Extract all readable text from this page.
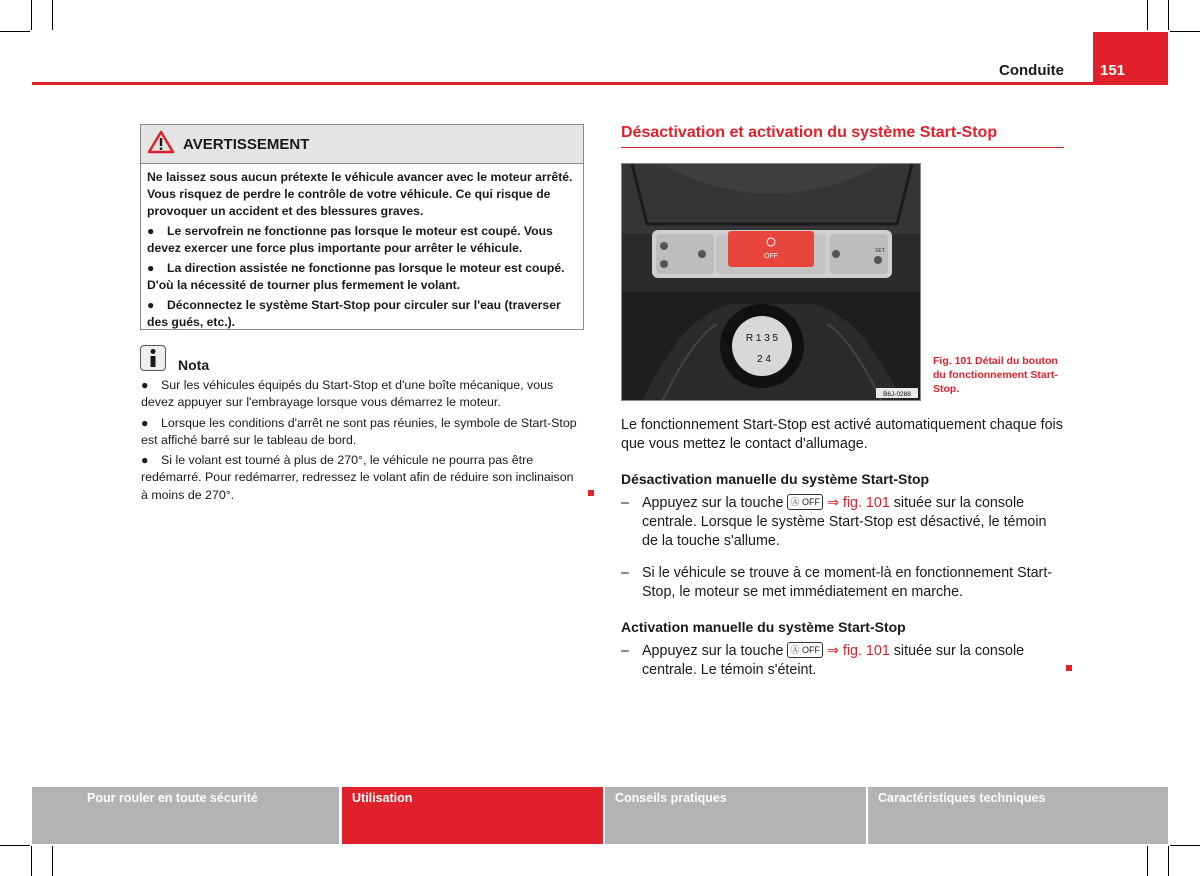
Conduite 151
AVERTISSEMENT

Ne laissez sous aucun prétexte le véhicule avancer avec le moteur arrêté. Vous risquez de perdre le contrôle de votre véhicule. Ce qui risque de provoquer un accident et des blessures graves.

● Le servofrein ne fonctionne pas lorsque le moteur est coupé. Vous devez exercer une force plus importante pour arrêter le véhicule.

● La direction assistée ne fonctionne pas lorsque le moteur est coupé. D'où la nécessité de tourner plus fermement le volant.

● Déconnectez le système Start-Stop pour circuler sur l'eau (traverser des gués, etc.).

Nota

● Sur les véhicules équipés du Start-Stop et d'une boîte mécanique, vous devez appuyer sur l'embrayage lorsque vous démarrez le moteur.

● Lorsque les conditions d'arrêt ne sont pas réunies, le symbole de Start-Stop est affiché barré sur le tableau de bord.

● Si le volant est tourné à plus de 270°, le véhicule ne pourra pas être redémarré. Pour redémarrer, redressez le volant afin de réduire son inclinaison à moins de 270°.

Désactivation et activation du système Start-Stop
OFF
SET
R 1 3 5
2 4
B6J-0288
Fig. 101 Détail du bouton du fonctionnement Start-Stop.
Le fonctionnement Start-Stop est activé automatiquement chaque fois que vous mettez le contact d'allumage.
Désactivation manuelle du système Start-Stop
– Appuyez sur la touche Ⓐ OFF ⇒ fig. 101 située sur la console centrale. Lorsque le système Start-Stop est désactivé, le témoin de la touche s'allume.
– Si le véhicule se trouve à ce moment-là en fonctionnement Start-Stop, le moteur se met immédiatement en marche.
Activation manuelle du système Start-Stop
– Appuyez sur la touche Ⓐ OFF ⇒ fig. 101 située sur la console centrale. Le témoin s'éteint.
Pour rouler en toute sécurité	Utilisation	Conseils pratiques	Caractéristiques techniques
